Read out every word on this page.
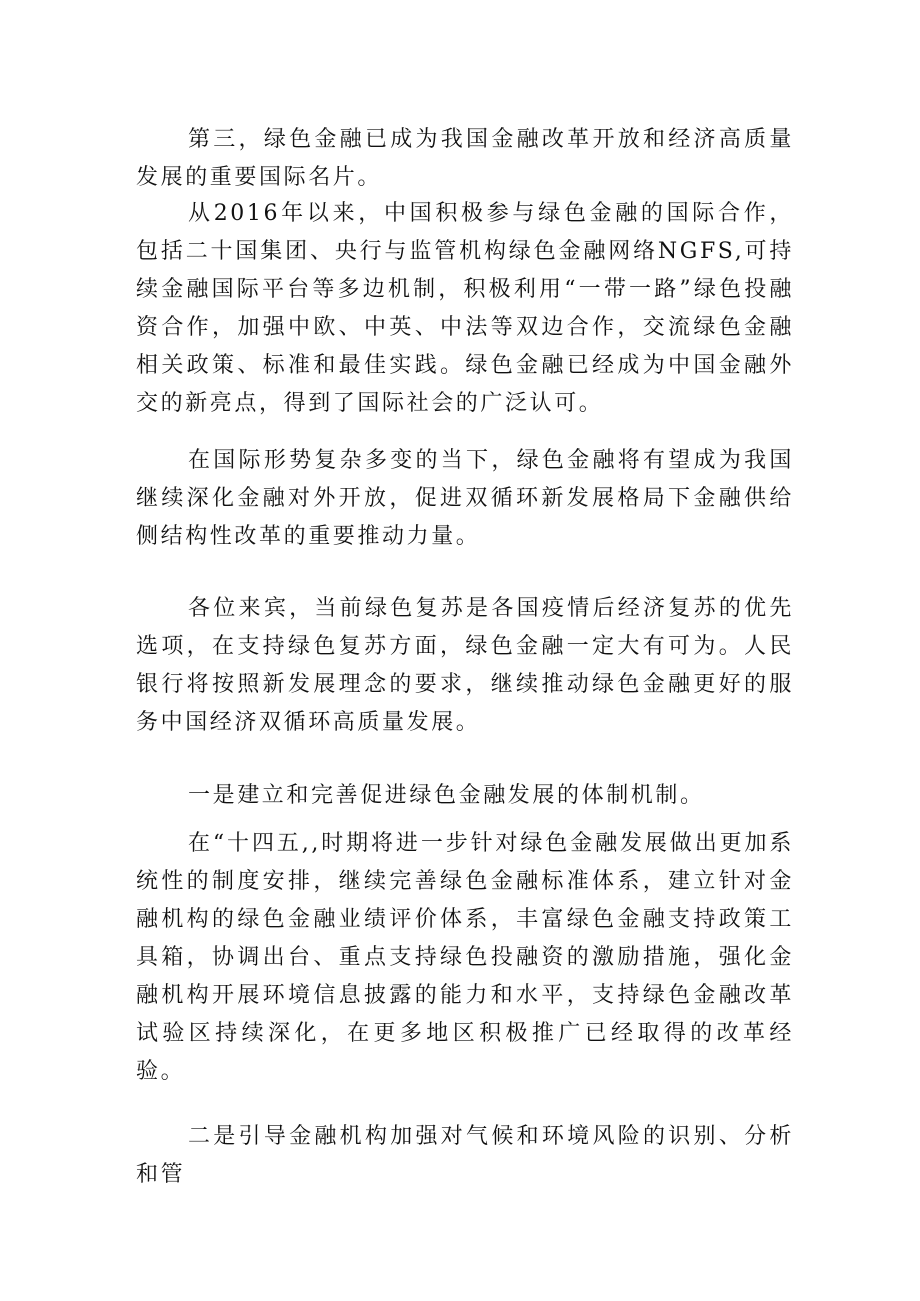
第三，绿色金融已成为我国金融改革开放和经济高质量发展的重要国际名片。

从2016年以来，中国积极参与绿色金融的国际合作，包括二十国集团、央行与监管机构绿色金融网络NGFS,可持续金融国际平台等多边机制，积极利用“一带一路”绿色投融资合作，加强中欧、中英、中法等双边合作，交流绿色金融相关政策、标准和最佳实践。绿色金融已经成为中国金融外交的新亮点，得到了国际社会的广泛认可。

在国际形势复杂多变的当下，绿色金融将有望成为我国继续深化金融对外开放，促进双循环新发展格局下金融供给侧结构性改革的重要推动力量。

各位来宾，当前绿色复苏是各国疫情后经济复苏的优先选项，在支持绿色复苏方面，绿色金融一定大有可为。人民银行将按照新发展理念的要求，继续推动绿色金融更好的服务中国经济双循环高质量发展。

一是建立和完善促进绿色金融发展的体制机制。

在“十四五,,时期将进一步针对绿色金融发展做出更加系统性的制度安排，继续完善绿色金融标准体系，建立针对金融机构的绿色金融业绩评价体系，丰富绿色金融支持政策工具箱，协调出台、重点支持绿色投融资的激励措施，强化金融机构开展环境信息披露的能力和水平，支持绿色金融改革试验区持续深化，在更多地区积极推广已经取得的改革经验。

二是引导金融机构加强对气候和环境风险的识别、分析和管
